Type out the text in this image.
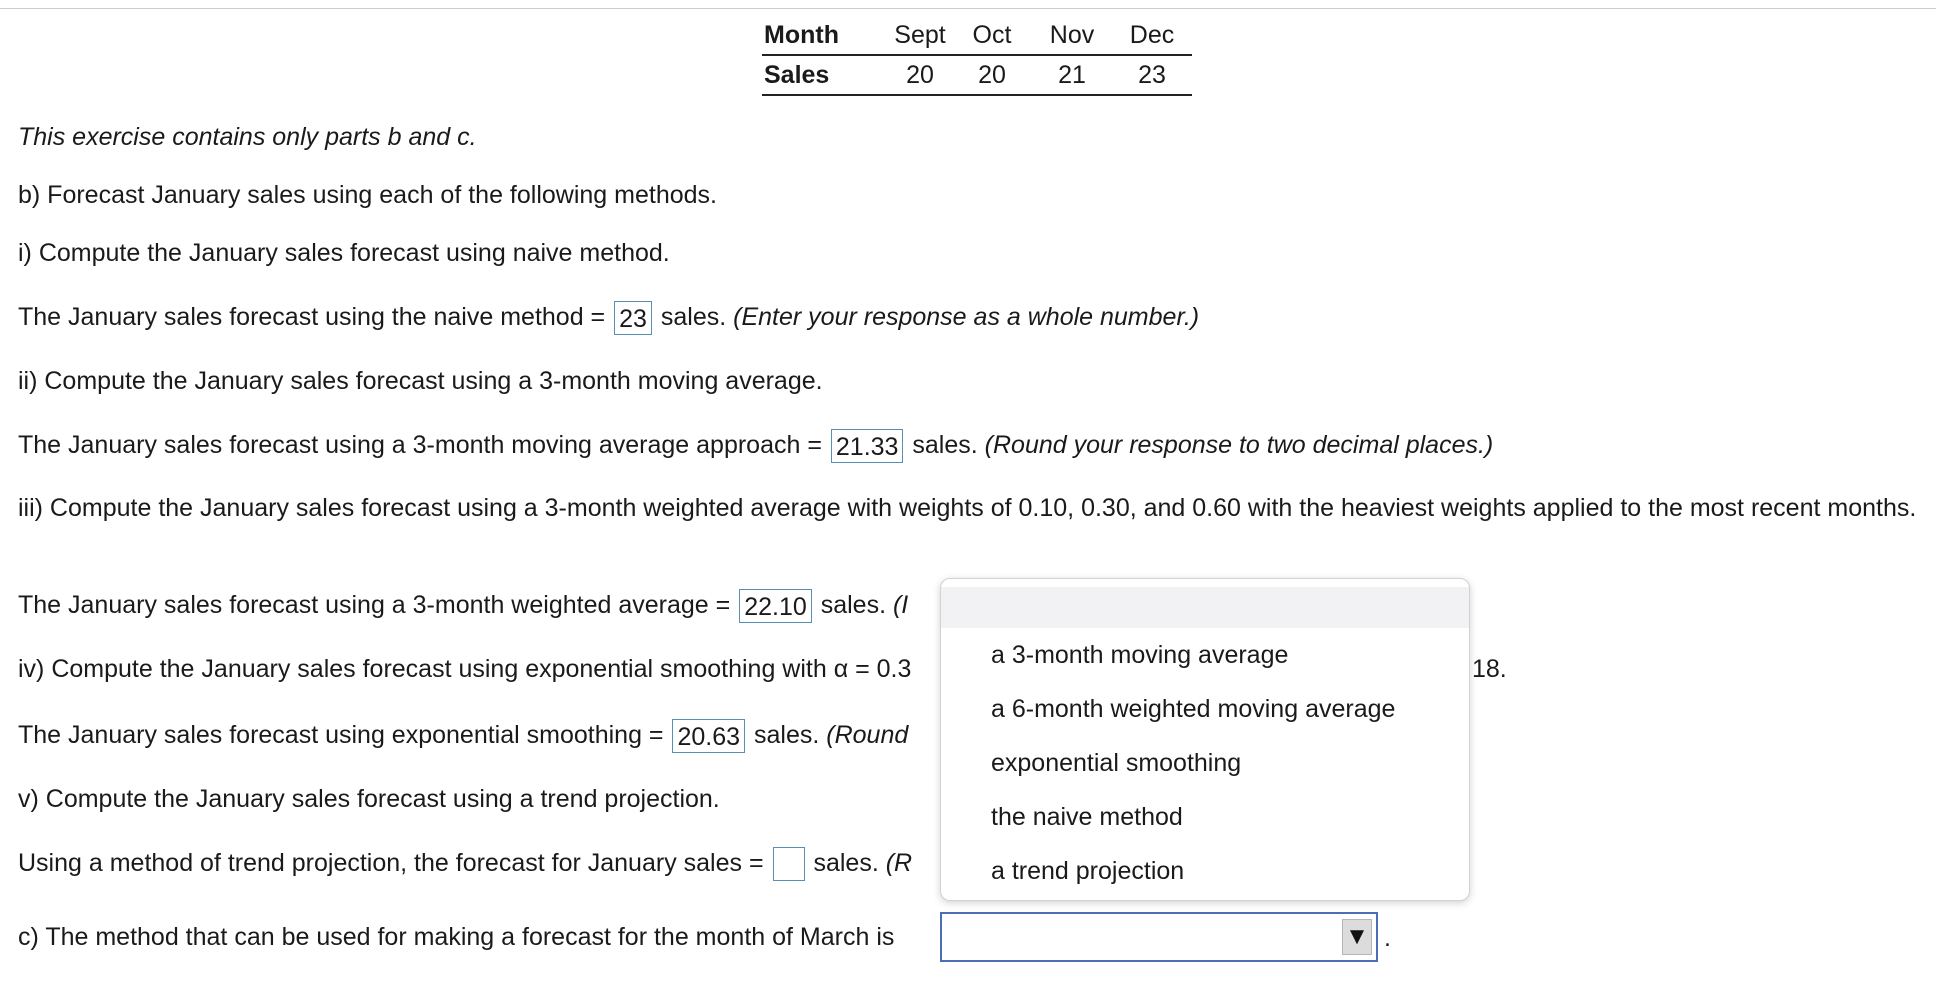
Month	Sept	Oct	Nov	Dec
Sales	20	20	21	23
This exercise contains only parts b and c.
b) Forecast January sales using each of the following methods.
i) Compute the January sales forecast using naive method.
The January sales forecast using the naive method = 23 sales. (Enter your response as a whole number.)
ii) Compute the January sales forecast using a 3-month moving average.
The January sales forecast using a 3-month moving average approach = 21.33 sales. (Round your response to two decimal places.)
iii) Compute the January sales forecast using a 3-month weighted average with weights of 0.10, 0.30, and 0.60 with the heaviest weights applied to the most recent months.
The January sales forecast using a 3-month weighted average = 22.10 sales. (I
iv) Compute the January sales forecast using exponential smoothing with α = 0.3	18.
The January sales forecast using exponential smoothing = 20.63 sales. (Round
v) Compute the January sales forecast using a trend projection.
Using a method of trend projection, the forecast for January sales = sales. (R
c) The method that can be used for making a forecast for the month of March is	▼ .
a 3-month moving average
a 6-month weighted moving average
exponential smoothing
the naive method
a trend projection
